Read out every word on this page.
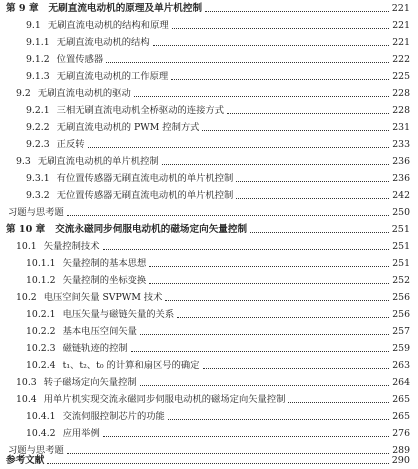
第 9 章 无刷直流电动机的原理及单片机控制	221
9.1 无刷直流电动机的结构和原理	221
9.1.1 无刷直流电动机的结构	221
9.1.2 位置传感器	222
9.1.3 无刷直流电动机的工作原理	225
9.2 无刷直流电动机的驱动	228
9.2.1 三相无刷直流电动机全桥驱动的连接方式	228
9.2.2 无刷直流电动机的 PWM 控制方式	231
9.2.3 正反转	233
9.3 无刷直流电动机的单片机控制	236
9.3.1 有位置传感器无刷直流电动机的单片机控制	236
9.3.2 无位置传感器无刷直流电动机的单片机控制	242
习题与思考题	250
第 10 章 交流永磁同步伺服电动机的磁场定向矢量控制	251
10.1 矢量控制技术	251
10.1.1 矢量控制的基本思想	251
10.1.2 矢量控制的坐标变换	252
10.2 电压空间矢量 SVPWM 技术	256
10.2.1 电压矢量与磁链矢量的关系	256
10.2.2 基本电压空间矢量	257
10.2.3 磁链轨迹的控制	259
10.2.4 t₁、t₂、t₀ 的计算和扇区号的确定	263
10.3 转子磁场定向矢量控制	264
10.4 用单片机实现交流永磁同步伺服电动机的磁场定向矢量控制	265
10.4.1 交流伺服控制芯片的功能	265
10.4.2 应用举例	276
习题与思考题	289
参考文献	290
